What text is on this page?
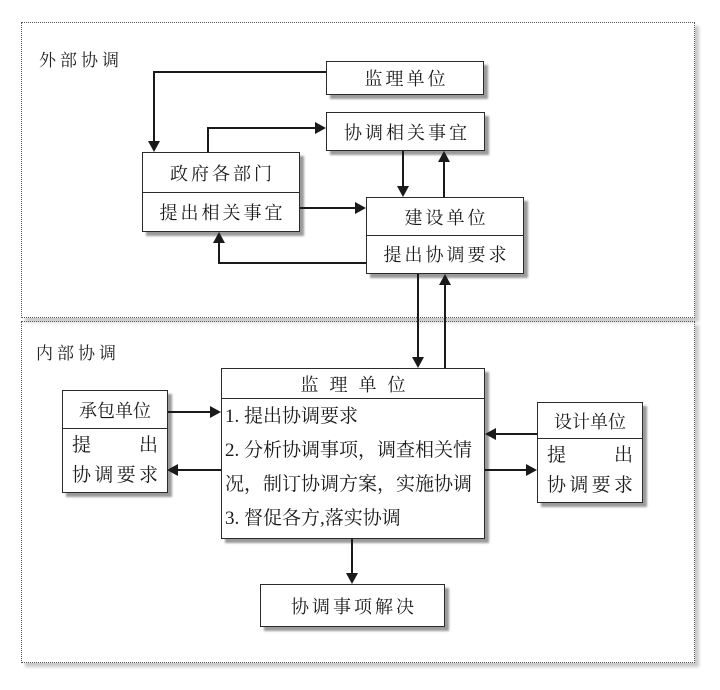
外部协调
内部协调
监理单位
协调相关事宜
政府各部门
提出相关事宜	建设单位
提出协调要求
承包单位
提 出
协调要求
监理单位

1. 提出协调要求

2. 分析协调事项，调查相关情况，制订协调方案，实施协调

3. 督促各方,落实协调

设计单位
提 出
协调要求
协调事项解决
